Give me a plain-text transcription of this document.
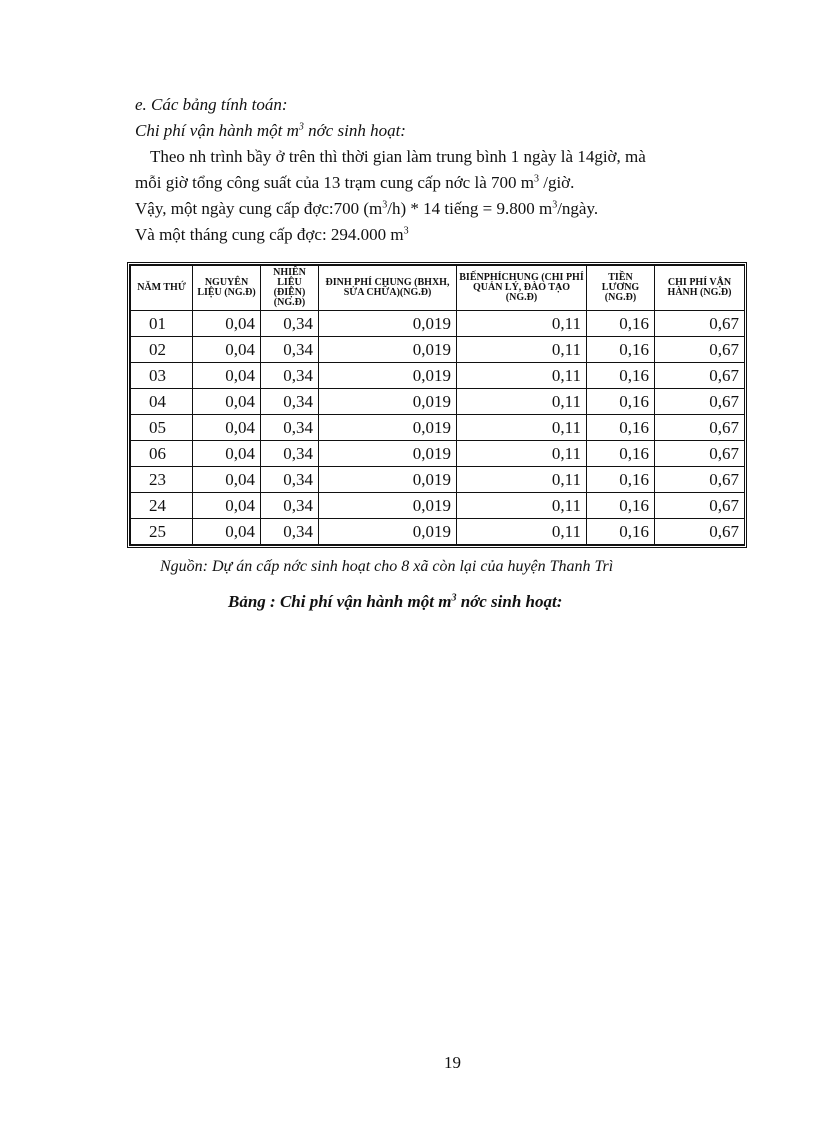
e. Các bảng tính toán:
Chi phí vận hành một $m^3$ nớc sinh hoạt:
Theo nh trình bầy ở trên thì thời gian làm trung bình 1 ngày là 14giờ, mà
mỗi giờ tổng công suất của 13 trạm cung cấp nớc là 700 $m^3$ /giờ.
Vậy, một ngày cung cấp đợc:700 $(m^3/h) * 14$ tiếng = 9.800 $m^3$/ngày.
Và một tháng cung cấp đợc: 294.000 $m^3$
NĂM THỨ	NGUYÊN LIỆU (NG.Đ)	NHIÊN LIỆU (ĐIỆN) (NG.Đ)	ĐINH PHÍ CHUNG (BHXH, SỬA CHỮA)(NG.Đ)	BIẾNPHÍCHUNG (CHI PHÍ QUẢN LÝ, ĐÀO TẠO (NG.Đ)	TIỀN LƯƠNG (NG.Đ)	CHI PHÍ VẬN HÀNH (NG.Đ)
01	0,04	0,34	0,019	0,11	0,16	0,67
02	0,04	0,34	0,019	0,11	0,16	0,67
03	0,04	0,34	0,019	0,11	0,16	0,67
04	0,04	0,34	0,019	0,11	0,16	0,67
05	0,04	0,34	0,019	0,11	0,16	0,67
06	0,04	0,34	0,019	0,11	0,16	0,67
23	0,04	0,34	0,019	0,11	0,16	0,67
24	0,04	0,34	0,019	0,11	0,16	0,67
25	0,04	0,34	0,019	0,11	0,16	0,67
Nguồn: Dự án cấp nớc sinh hoạt cho 8 xã còn lại của huyện Thanh Trì
Bảng : Chi phí vận hành một $m^3$ nớc sinh hoạt:
19
